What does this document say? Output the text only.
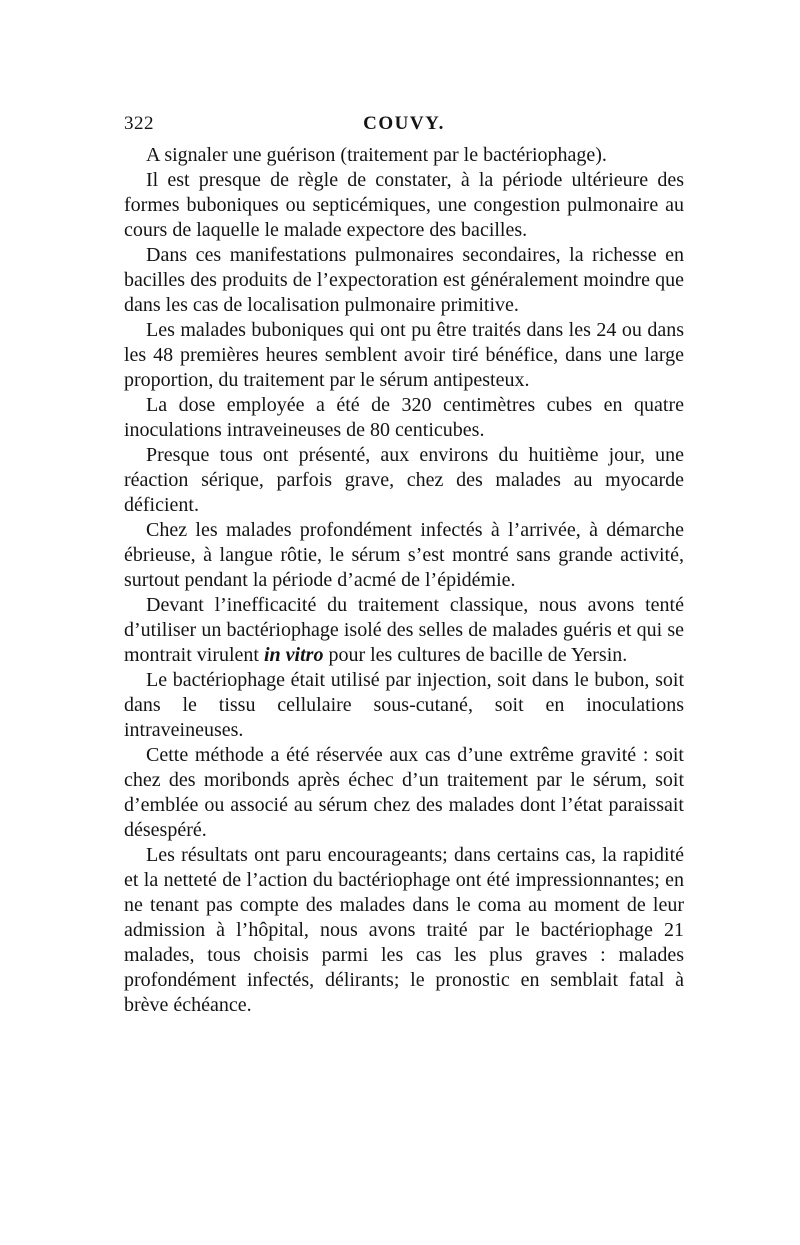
322	COUVY.

A signaler une guérison (traitement par le bactériophage).

Il est presque de règle de constater, à la période ultérieure des formes buboniques ou septicémiques, une congestion pulmonaire au cours de laquelle le malade expectore des bacilles.

Dans ces manifestations pulmonaires secondaires, la richesse en bacilles des produits de l’expectoration est généralement moindre que dans les cas de localisation pulmonaire primitive.

Les malades buboniques qui ont pu être traités dans les 24 ou dans les 48 premières heures semblent avoir tiré bénéfice, dans une large proportion, du traitement par le sérum antipesteux.

La dose employée a été de 320 centimètres cubes en quatre inoculations intraveineuses de 80 centicubes.

Presque tous ont présenté, aux environs du huitième jour, une réaction sérique, parfois grave, chez des malades au myocarde déficient.

Chez les malades profondément infectés à l’arrivée, à démarche ébrieuse, à langue rôtie, le sérum s’est montré sans grande activité, surtout pendant la période d’acmé de l’épidémie.

Devant l’inefficacité du traitement classique, nous avons tenté d’utiliser un bactériophage isolé des selles de malades guéris et qui se montrait virulent in vitro pour les cultures de bacille de Yersin.

Le bactériophage était utilisé par injection, soit dans le bubon, soit dans le tissu cellulaire sous-cutané, soit en inoculations intraveineuses.

Cette méthode a été réservée aux cas d’une extrême gravité : soit chez des moribonds après échec d’un traitement par le sérum, soit d’emblée ou associé au sérum chez des malades dont l’état paraissait désespéré.

Les résultats ont paru encourageants; dans certains cas, la rapidité et la netteté de l’action du bactériophage ont été impressionnantes; en ne tenant pas compte des malades dans le coma au moment de leur admission à l’hôpital, nous avons traité par le bactériophage 21 malades, tous choisis parmi les cas les plus graves : malades profondément infectés, délirants; le pronostic en semblait fatal à brève échéance.
